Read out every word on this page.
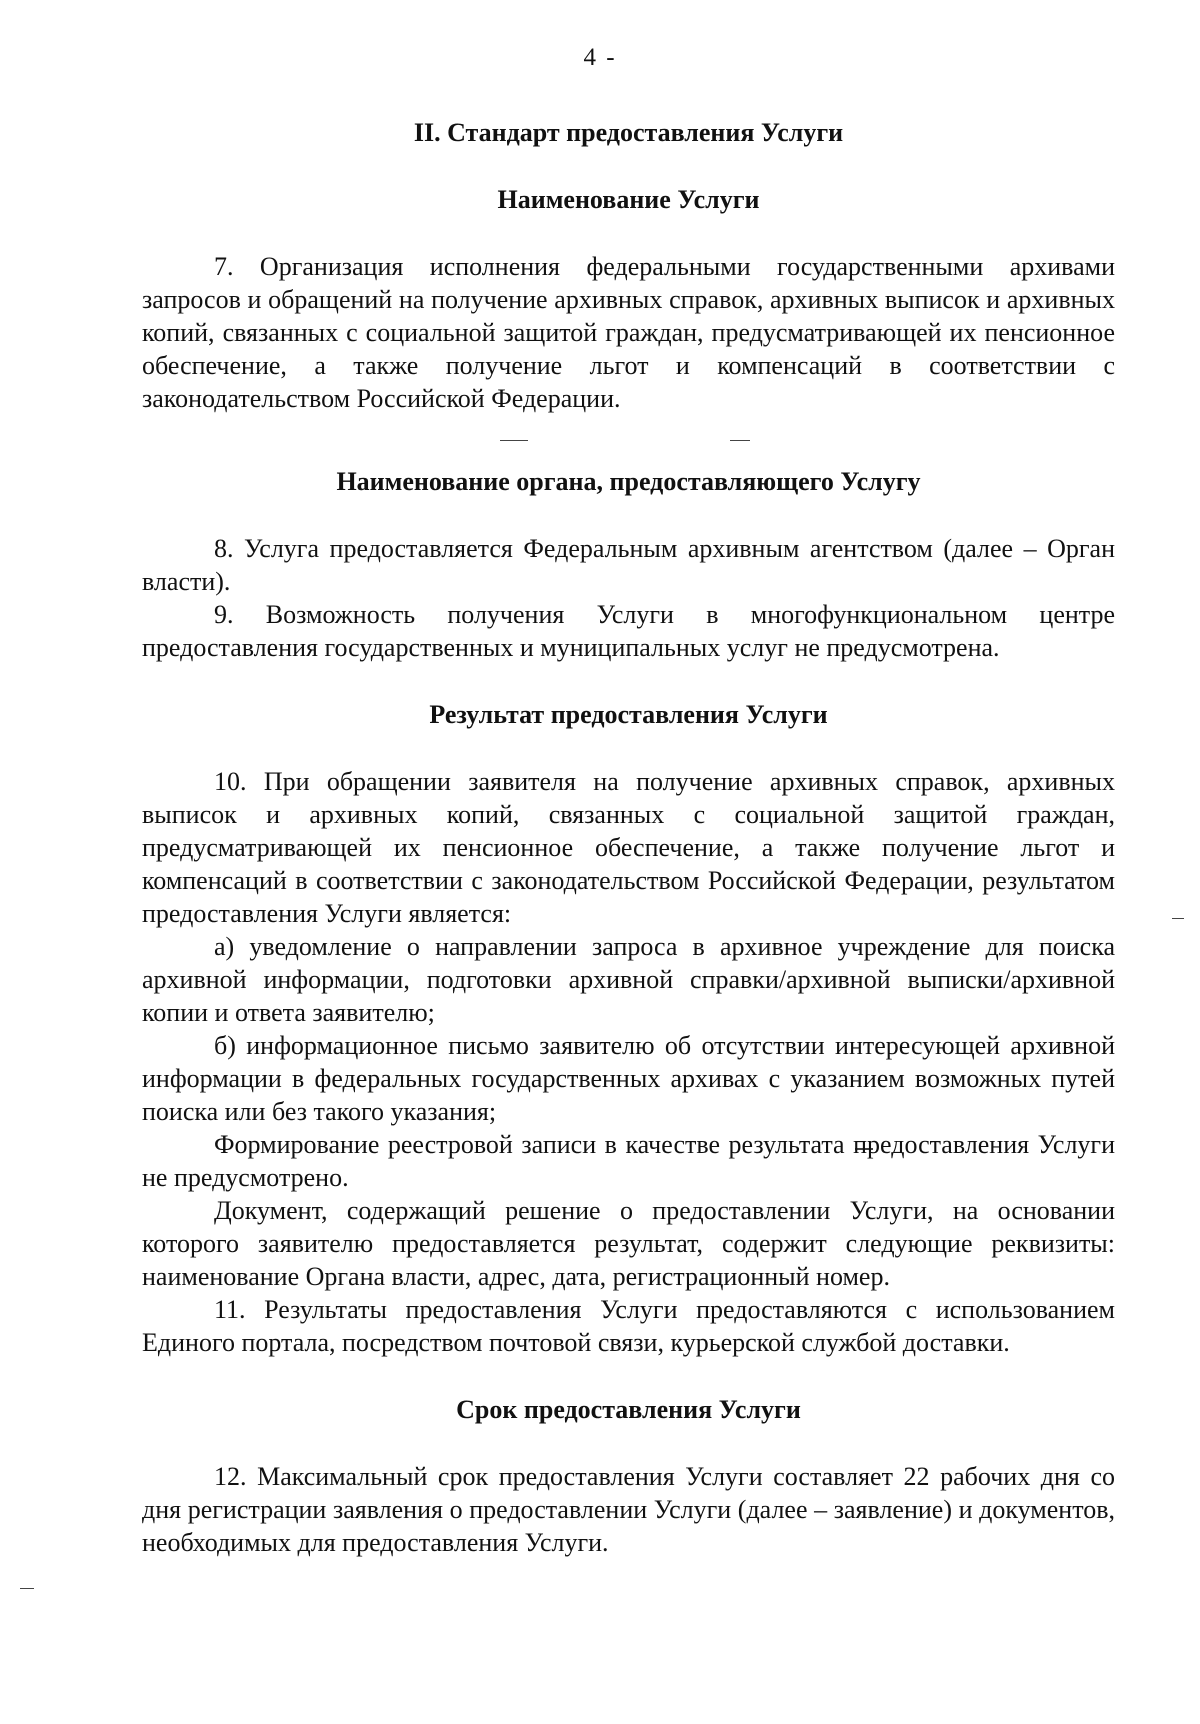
4 -
II. Стандарт предоставления Услуги
Наименование Услуги

7. Организация исполнения федеральными государственными архивами запросов и обращений на получение архивных справок, архивных выписок и архивных копий, связанных с социальной защитой граждан, предусматривающей их пенсионное обеспечение, а также получение льгот и компенсаций в соответствии с законодательством Российской Федерации.

Наименование органа, предоставляющего Услугу

8. Услуга предоставляется Федеральным архивным агентством (далее – Орган власти).

9. Возможность получения Услуги в многофункциональном центре предоставления государственных и муниципальных услуг не предусмотрена.

Результат предоставления Услуги

10. При обращении заявителя на получение архивных справок, архивных выписок и архивных копий, связанных с социальной защитой граждан, предусматривающей их пенсионное обеспечение, а также получение льгот и компенсаций в соответствии с законодательством Российской Федерации, результатом предоставления Услуги является:

а) уведомление о направлении запроса в архивное учреждение для поиска архивной информации, подготовки архивной справки/архивной выписки/архивной копии и ответа заявителю;

б) информационное письмо заявителю об отсутствии интересующей архивной информации в федеральных государственных архивах с указанием возможных путей поиска или без такого указания;

Формирование реестровой записи в качестве результата предоставления Услуги не предусмотрено.

Документ, содержащий решение о предоставлении Услуги, на основании которого заявителю предоставляется результат, содержит следующие реквизиты: наименование Органа власти, адрес, дата, регистрационный номер.

11. Результаты предоставления Услуги предоставляются с использованием Единого портала, посредством почтовой связи, курьерской службой доставки.

Срок предоставления Услуги

12. Максимальный срок предоставления Услуги составляет 22 рабочих дня со дня регистрации заявления о предоставлении Услуги (далее – заявление) и документов, необходимых для предоставления Услуги.
